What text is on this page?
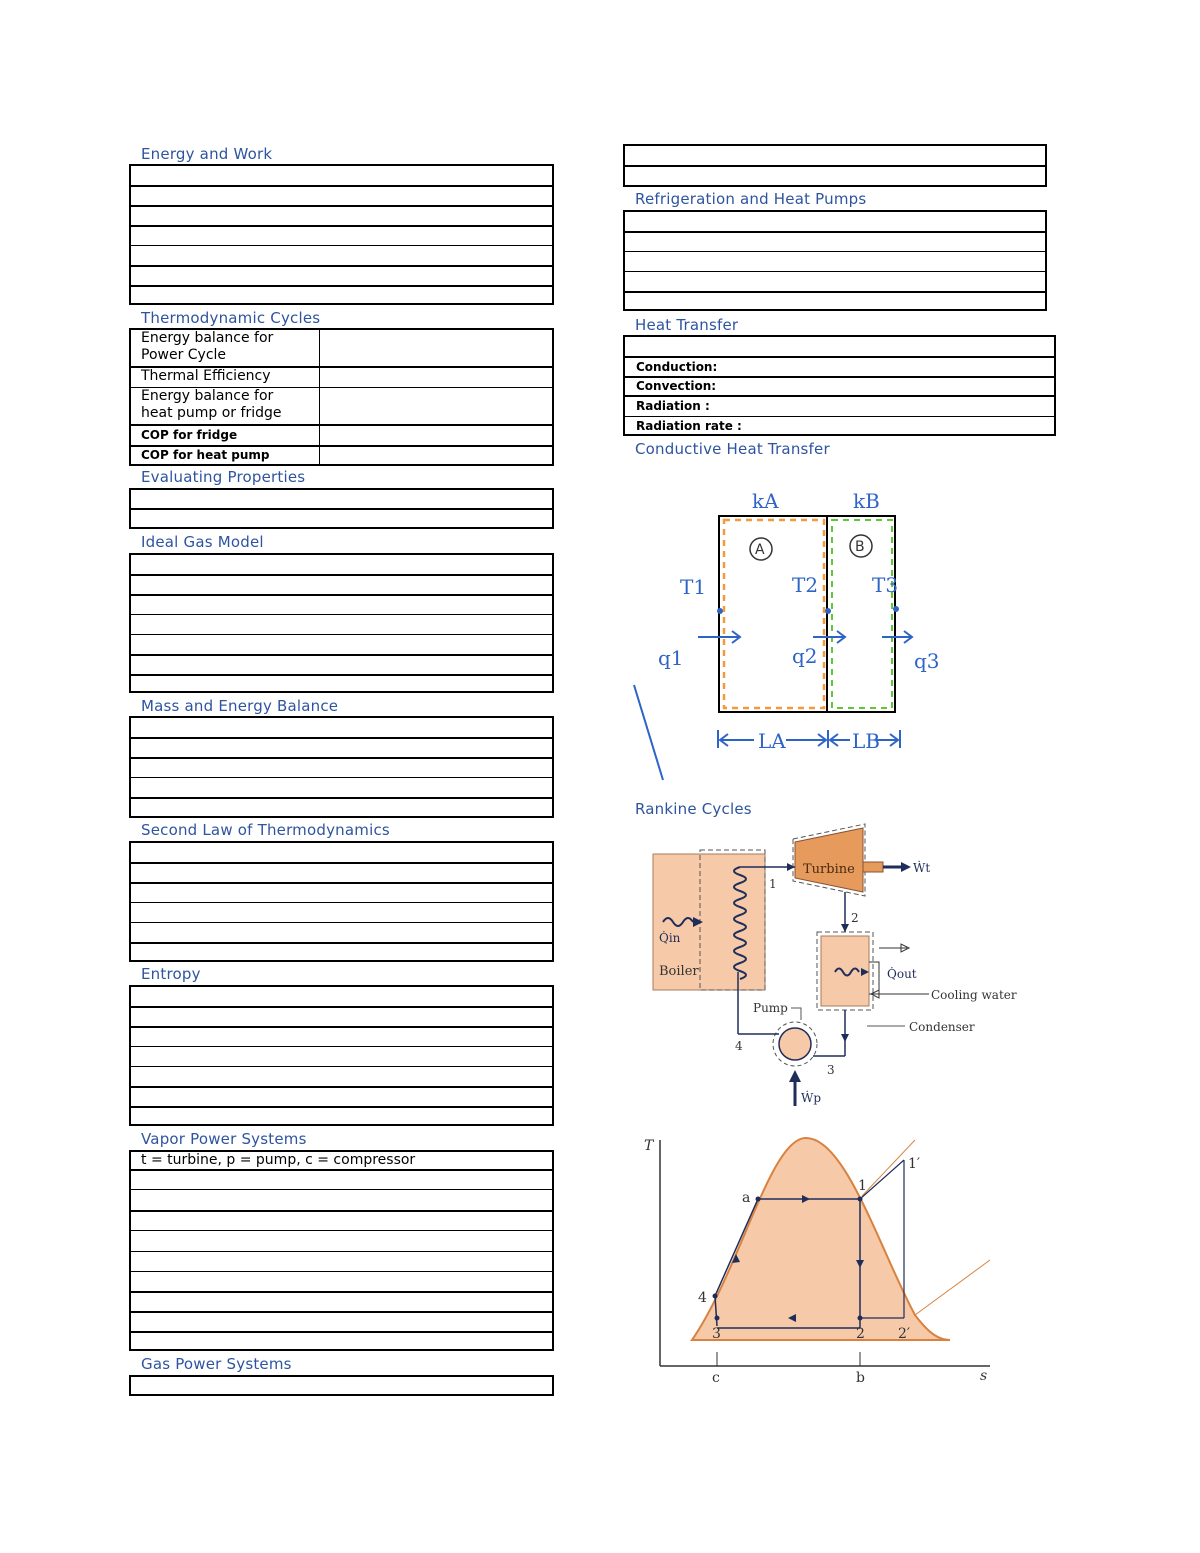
Energy and Work
Thermodynamic Cycles
Energy balance for
Power Cycle
Thermal Efficiency
Energy balance for
heat pump or fridge
COP for fridge
COP for heat pump
Evaluating Properties
Ideal Gas Model
Mass and Energy Balance
Second Law of Thermodynamics
Entropy
Vapor Power Systems
t = turbine, p = pump, c = compressor
Gas Power Systems
Refrigeration and Heat Pumps
Heat Transfer
Conduction:
Convection:
Radiation :
Radiation rate :
Conductive Heat Transfer
A	B
kA	kB
T1	T2	T3
q1	q2	q3
LA	LB
Rankine Cycles
Boiler
Q̇in
Turbine	Ẇt
1
2
Q̇out
Cooling water
Condenser
3
Pump
4
Ẇp
T
s
a
1
1′
2 2′
3
4
c	b
